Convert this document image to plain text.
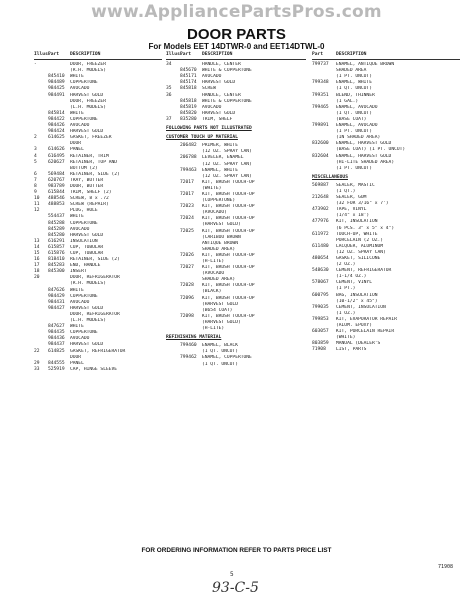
www.AppliancePartsPros.com
DOOR PARTS
For Models EET 14DTWR-0 and EET14DTWL-0
Illus.
Part	DESCRIPTION
-	DOOR, FREEZER
(R.H. MODELS)
845410	WHITE
984489	COPPERTONE
984425	AVOCADO
984491	HARVEST GOLD
DOOR, FREEZER
(L.H. MODELS)
845814	WHITE
984422	COPPERTONE
984426	AVOCADO
984424	HARVEST GOLD
2	614625	GASKET, FREEZER
DOOR
3	614626	PANEL
4	616495	RETAINER, TRIM
5	620627	RETAINER, TOP AND
BOTTOM (2)
6	569484	RETAINER, SIDE (2)
7	620767	TRAY, BUTTER
8	983789	DOOR, BUTTER
9	615844	TRIM, SHELF (2)
10	488546	SCREW, 8 x .72
11	488853	SCREW (REPAIR)
12	PLUG, HOLE
554437	WHITE
845288	COPPERTONE
845289	AVOCADO
845280	HARVEST GOLD
13	616291	INSULATION
14	615857	CUP, TUBULAR
15	615876	CUP, TUBULAR
16	818410	RETAINER, SIDE (2)
17	845283	END, HANDLE
18	845300	INSERT
20	DOOR, REFRIGERATOR
(R.H. MODELS)
847626	WHITE
984429	COPPERTONE
984431	AVOCADO
984427	HARVEST GOLD
DOOR, REFRIGERATOR
(L.H. MODELS)
847627	WHITE
984435	COPPERTONE
984436	AVOCADO
984437	HARVEST GOLD
22	614825	GASKET, REFRIGERATOR
DOOR
29	844555	PANEL
33	525919	CAP, HINGE SLEEVE
Illus.
Part	DESCRIPTION
34	HANDLE, CENTER
845670	WHITE & COPPERTONE
845171	AVOCADO
845174	HARVEST GOLD
35	845818	SCREW
36	HANDLE, CENTER
845818	WHITE & COPPERTONE
845819	AVOCADO
845820	HARVEST GOLD
37	835280	TRIM, SHELF
FOLLOWING PARTS NOT ILLUSTRATED
CUSTOMER TOUCH UP MATERIAL
206482	PRIMER, WHITE
(12 OZ. SPRAY CAN)
206788	LEVELER, ENAMEL
(12 OZ. SPRAY CAN)
799463	ENAMEL, WHITE
(12 OZ. SPRAY CAN)
72017	KIT, BRUSH TOUCH-UP
(WHITE)
72017	KIT, BRUSH TOUCH-UP
(COPPERTONE)
72023	KIT, BRUSH TOUCH-UP
(AVOCADO)
72024	KIT, BRUSH TOUCH-UP
(HARVEST GOLD)
72025	KIT, BRUSH TOUCH-UP
(CARIBOU BROWN
ANTIQUE BROWN
SHADED AREA)
72026	KIT, BRUSH TOUCH-UP
(H-LITE)
72027	KIT, BRUSH TOUCH-UP
(AVOCADO
SHADED AREA)
72028	KIT, BRUSH TOUCH-UP
(BLACK)
72096	KIT, BRUSH TOUCH-UP
(HARVEST GOLD
(B654 COAT)
72098	KIT, BRUSH TOUCH-UP
(HARVEST GOLD)
(H-LITE)
REFINISHING MATERIAL
799460	ENAMEL, BLACK
(1 QT. UNCUT)
799462	ENAMEL, COPPERTONE
(1 QT. UNCUT)
Part	DESCRIPTION
799737	ENAMEL, ANTIQUE BROWN
SHADED AREA
(1 PT. UNCUT)
799348	ENAMEL, WHITE
(1 QT. UNCUT)
799351	BLEND, THINNER
(1 GAL.)
799465	ENAMEL, AVOCADO
(1 QT. UNCUT)
(BASE COAT)
799891	ENAMEL, AVOCADO
(1 PT. UNCUT)
(IN SHADED AREA)
832600	ENAMEL, HARVEST GOLD
(BASE COAT) (1 PT. UNCUT)
832604	ENAMEL, HARVEST GOLD
(HI-LITE SHADED AREA)
(1 PT. UNCUT)
MISCELLANEOUS
569887	SEALER, MASTIC
(1 QT.)
212648	SEALER, GUM
(32 FOR 3/16" x 7')
473902	TAPE, VINYL
(1/4" x 18')
477976	KIT, INSULATION
(6 PCS. 3" x 5" x 4")
611972	TOUCH-UP, WHITE
PORCELAIN (2 OZ.)
611480	LACQUER, ALUMINUM
(12 OZ. SPRAY CAN)
480654	GASKET, SILICONE
(2 OZ.)
548630	CEMENT, REFRIGERATOR
(1-1/4 OZ.)
578067	CEMENT, VINYL
(1 PT.)
600795	BAG, INSULATION
(10-1/2" x 45")
799035	CEMENT, INSULATION
(1 OZ.)
799853	KIT, EVAPORATOR REPAIR
(ALUM. EPOXY)
603057	KIT, PORCELAIN REPAIR
(WHITE)
803859	MANUAL (DEALER'S
71908	LIST, PARTS
FOR ORDERING INFORMATION REFER TO PARTS PRICE LIST
5
71908
93-C-5
